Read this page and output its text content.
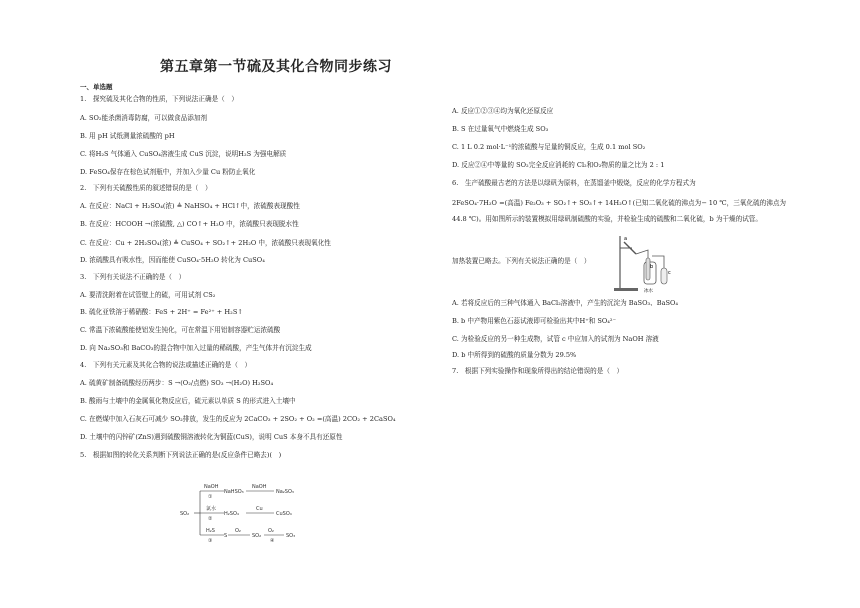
第五章第一节硫及其化合物同步练习
一、单选题
1.　探究硫及其化合物的性质，下列说法正确是（　）
A. SO₂能杀菌消毒防腐，可以做食品添加剂
B. 用 pH 试纸测量浓硫酸的 pH
C. 将H₂S 气体通入 CuSO₄溶液生成 CuS 沉淀，说明H₂S 为强电解质
D. FeSO₄保存在棕色试剂瓶中，并加入少量 Cu 粉防止氧化
2.　下列有关硫酸性质的叙述错误的是（　）
A. 在反应：NaCl + H₂SO₄(浓) ≜ NaHSO₄ + HCl↑中，浓硫酸表现酸性
B. 在反应：HCOOH →(浓硫酸, △) CO↑+ H₂O 中，浓硫酸只表现脱水性
C. 在反应：Cu + 2H₂SO₄(浓) ≜ CuSO₄ + SO₂↑+ 2H₂O 中，浓硫酸只表现氧化性
D. 浓硫酸具有吸水性，因而能使 CuSO₄·5H₂O 转化为 CuSO₄
3.　下列有关说法不正确的是（　）
A. 要清洗附着在试管壁上的硫，可用试剂 CS₂
B. 硫化亚铁溶于稀硝酸：FeS + 2H⁺ = Fe²⁺ + H₂S↑
C. 常温下浓硫酸能使铝发生钝化，可在常温下用铝制容器贮运浓硫酸
D. 向 Na₂SO₃和 BaCO₃的混合物中加入过量的稀硫酸，产生气体并有沉淀生成
4.　下列有关元素及其化合物的说法或描述正确的是（　）
A. 硫黄矿制备硫酸经历两步：S →(O₂/点燃) SO₃ →(H₂O) H₂SO₄
B. 酸雨与土壤中的金属氧化物反应后，硫元素以单质 S 的形式进入土壤中
C. 在燃煤中加入石灰石可减少 SO₂排放，发生的反应为 2CaCO₃ + 2SO₂ + O₂ =(高温) 2CO₂ + 2CaSO₄
D. 土壤中的闪锌矿(ZnS)遇到硫酸铜溶液转化为铜蓝(CuS)，说明 CuS 本身不具有还原性
5.　根据如图的转化关系判断下列说法正确的是(反应条件已略去)(　)
SO₂
NaOH
NaHSO₃
NaOH
Na₂SO₃
①
氯水
H₂SO₄
Cu
CuSO₄
②
H₂S
S
O₂
SO₂
O₂
SO₃
③	④
A. 反应①②③④均为氧化还原反应
B. S 在过量氧气中燃烧生成 SO₃
C. 1 L 0.2 mol·L⁻¹的浓硫酸与足量的铜反应，生成 0.1 mol SO₂
D. 反应②④中等量的 SO₂完全反应消耗的 Cl₂和O₂物质的量之比为 2 : 1
6.　生产硫酸最古老的方法是以绿矾为原料，在蒸馏釜中煅烧，反应的化学方程式为
2FeSO₄·7H₂O =(高温) Fe₂O₃ + SO₂↑+ SO₃↑+ 14H₂O↑(已知二氧化硫的沸点为− 10 ℃，三氧化硫的沸点为
44.8 ℃)。用如图所示的装置模拟用绿矾制硫酸的实验，并检验生成的硫酸和二氧化硫，b 为干燥的试管。
加热装置已略去。下列有关说法正确的是（　）
A. 若将反应后的三种气体通入 BaCl₂溶液中，产生的沉淀为 BaSO₃、BaSO₄
B. b 中产物用紫色石蕊试液即可检验出其中H⁺和 SO₄²⁻
C. 为检验反应的另一种生成物，试管 c 中应加入的试剂为 NaOH 溶液
D. b 中所得到的硫酸的质量分数为 29.5%
7.　根据下列实验操作和现象所得出的结论错误的是（　）
a
b
c
冰水
